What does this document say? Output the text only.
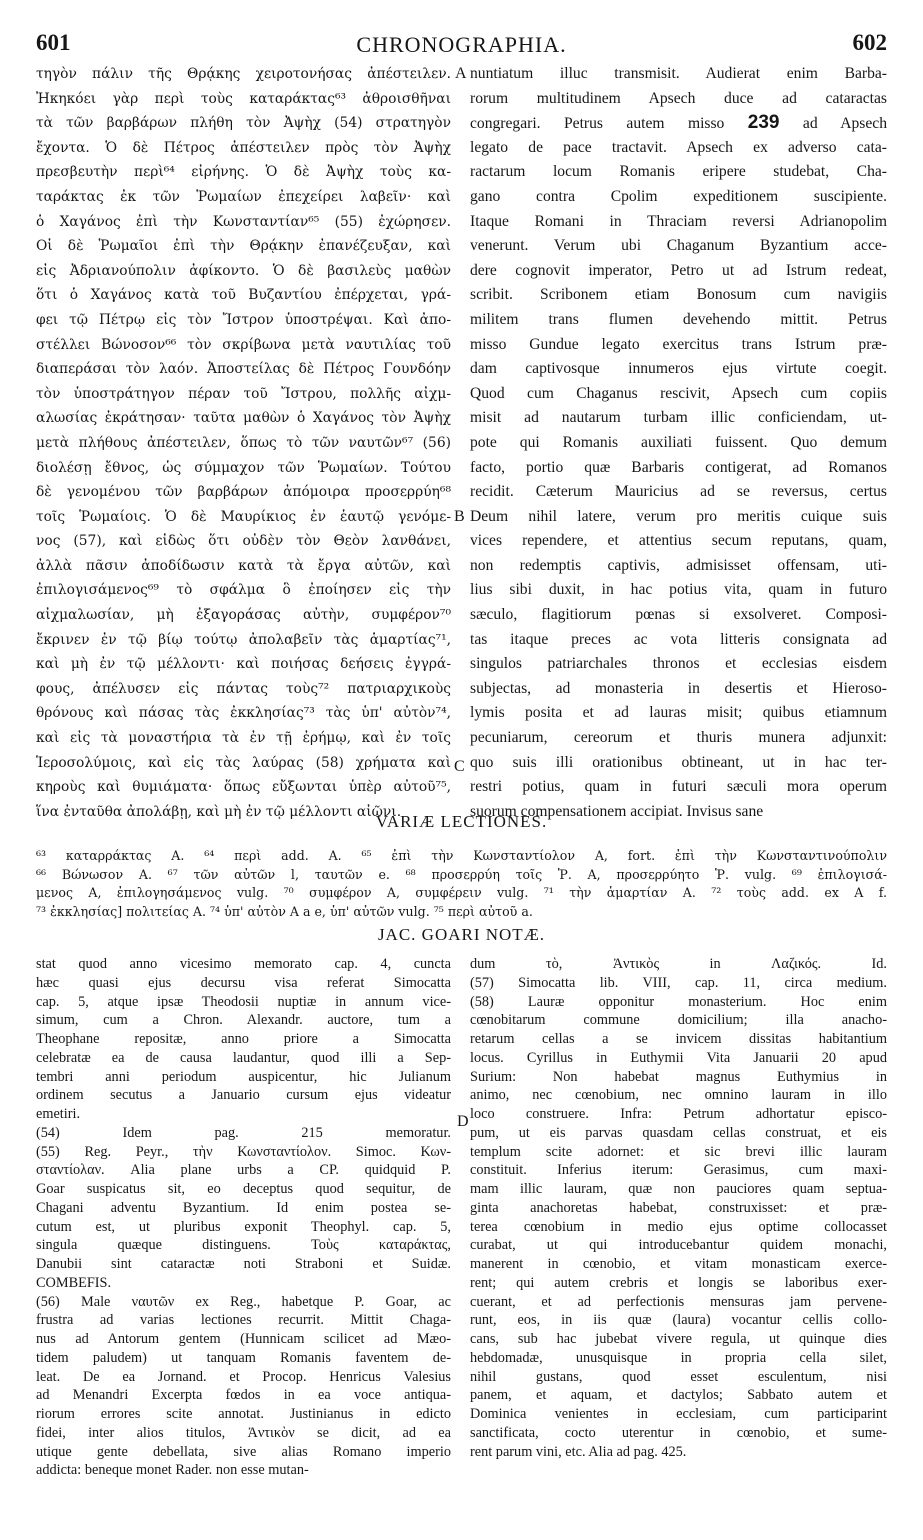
601	CHRONOGRAPHIA.	602
τηγὸν πάλιν τῆς Θρᾴκης χειροτονήσας ἀπέστειλεν.
Ἠκηκόει γὰρ περὶ τοὺς καταράκτας⁶³ ἀθροισθῆναι
τὰ τῶν βαρβάρων πλήθη τὸν Ἀψὴχ (54) στρατηγὸν
ἔχοντα. Ὁ δὲ Πέτρος ἀπέστειλεν πρὸς τὸν Ἀψὴχ
πρεσβευτὴν περὶ⁶⁴ εἰρήνης. Ὁ δὲ Ἀψὴχ τοὺς κα-
ταράκτας ἐκ τῶν Ῥωμαίων ἐπεχείρει λαβεῖν· καὶ
ὁ Χαγάνος ἐπὶ τὴν Κωνσταντίαν⁶⁵ (55) ἐχώρησεν.
Οἱ δὲ Ῥωμαῖοι ἐπὶ τὴν Θρᾴκην ἐπανέζευξαν, καὶ
εἰς Ἀδριανούπολιν ἀφίκοντο. Ὁ δὲ βασιλεὺς μαθὼν
ὅτι ὁ Χαγάνος κατὰ τοῦ Βυζαντίου ἐπέρχεται, γρά-
φει τῷ Πέτρῳ εἰς τὸν Ἴστρον ὑποστρέψαι. Καὶ ἀπο-
στέλλει Βώνοσον⁶⁶ τὸν σκρίβωνα μετὰ ναυτιλίας τοῦ
διαπεράσαι τὸν λαόν. Ἀποστείλας δὲ Πέτρος Γουνδόην
τὸν ὑποστράτηγον πέραν τοῦ Ἴστρου, πολλῆς αἰχμ-
αλωσίας ἐκράτησαν· ταῦτα μαθὼν ὁ Χαγάνος τὸν Ἀψὴχ
μετὰ πλήθους ἀπέστειλεν, ὅπως τὸ τῶν ναυτῶν⁶⁷ (56)
διολέσῃ ἔθνος, ὡς σύμμαχον τῶν Ῥωμαίων. Τούτου
δὲ γενομένου τῶν βαρβάρων ἀπόμοιρα προσερρύη⁶⁸
τοῖς Ῥωμαίοις. Ὁ δὲ Μαυρίκιος ἐν ἑαυτῷ γενόμε-
νος (57), καὶ εἰδὼς ὅτι οὐδὲν τὸν Θεὸν λανθάνει,
ἀλλὰ πᾶσιν ἀποδίδωσιν κατὰ τὰ ἔργα αὐτῶν, καὶ
ἐπιλογισάμενος⁶⁹ τὸ σφάλμα ὃ ἐποίησεν εἰς τὴν
αἰχμαλωσίαν, μὴ ἐξαγοράσας αὐτὴν, συμφέρον⁷⁰
ἔκρινεν ἐν τῷ βίῳ τούτῳ ἀπολαβεῖν τὰς ἁμαρτίας⁷¹,
καὶ μὴ ἐν τῷ μέλλοντι· καὶ ποιήσας δεήσεις ἐγγρά-
φους, ἀπέλυσεν εἰς πάντας τοὺς⁷² πατριαρχικοὺς
θρόνους καὶ πάσας τὰς ἐκκλησίας⁷³ τὰς ὑπ' αὐτὸν⁷⁴,
καὶ εἰς τὰ μοναστήρια τὰ ἐν τῇ ἐρήμῳ, καὶ ἐν τοῖς
Ἱεροσολύμοις, καὶ εἰς τὰς λαύρας (58) χρήματα καὶ
κηροὺς καὶ θυμιάματα· ὅπως εὔξωνται ὑπὲρ αὐτοῦ⁷⁵,
ἵνα ἐνταῦθα ἀπολάβῃ, καὶ μὴ ἐν τῷ μέλλοντι αἰῶνι.
nuntiatum illuc transmisit. Audierat enim Barba-
rorum multitudinem Apsech duce ad cataractas
congregari. Petrus autem misso 239 ad Apsech
legato de pace tractavit. Apsech ex adverso cata-
ractarum locum Romanis eripere studebat, Cha-
gano contra Cpolim expeditionem suscipiente.
Itaque Romani in Thraciam reversi Adrianopolim
venerunt. Verum ubi Chaganum Byzantium acce-
dere cognovit imperator, Petro ut ad Istrum redeat,
scribit. Scribonem etiam Bonosum cum navigiis
militem trans flumen devehendo mittit. Petrus
misso Gundue legato exercitus trans Istrum præ-
dam captivosque innumeros ejus virtute coegit.
Quod cum Chaganus rescivit, Apsech cum copiis
misit ad nautarum turbam illic conficiendam, ut-
pote qui Romanis auxiliati fuissent. Quo demum
facto, portio quæ Barbaris contigerat, ad Romanos
recidit. Cæterum Mauricius ad se reversus, certus
Deum nihil latere, verum pro meritis cuique suis
vices rependere, et attentius secum reputans, quam,
non redemptis captivis, admisisset offensam, uti-
lius sibi duxit, in hac potius vita, quam in futuro
sæculo, flagitiorum pœnas si exsolveret. Composi-
tas itaque preces ac vota litteris consignata ad
singulos patriarchales thronos et ecclesias eisdem
subjectas, ad monasteria in desertis et Hieroso-
lymis posita et ad lauras misit; quibus etiamnum
pecuniarum, cereorum et thuris munera adjunxit:
quo suis illi orationibus obtineant, ut in hac ter-
restri potius, quam in futuri sæculi mora operum
suorum compensationem accipiat. Invisus sane
A
B
C
D
VARIÆ LECTIONES.
⁶³ καταρράκτας A. ⁶⁴ περὶ add. A. ⁶⁵ ἐπὶ τὴν Κωνσταντίολον A, fort. ἐπὶ τὴν Κωνσταντινούπολιν
⁶⁶ Βώνωσον A. ⁶⁷ τῶν αὐτῶν l, ταυτῶν e. ⁶⁸ προσερρύη τοῖς Ῥ. A, προσερρύητο Ῥ. vulg. ⁶⁹ ἐπιλογισά-
μενος A, ἐπιλογησάμενος vulg. ⁷⁰ συμφέρον A, συμφέρειν vulg. ⁷¹ τὴν ἁμαρτίαν A. ⁷² τοὺς add. ex A f.
⁷³ ἐκκλησίας] πολιτείας A. ⁷⁴ ὑπ' αὐτὸν A a e, ὑπ' αὐτῶν vulg. ⁷⁵ περὶ αὐτοῦ a.
JAC. GOARI NOTÆ.
stat quod anno vicesimo memorato cap. 4, cuncta
hæc quasi ejus decursu visa referat Simocatta
cap. 5, atque ipsæ Theodosii nuptiæ in annum vice-
simum, cum a Chron. Alexandr. auctore, tum a
Theophane repositæ, anno priore a Simocatta
celebratæ ea de causa laudantur, quod illi a Sep-
tembri anni periodum auspicentur, hic Julianum
ordinem secutus a Januario cursum ejus videatur
emetiri.
(54) Idem pag. 215 memoratur.
(55) Reg. Peyr., τὴν Κωνσταντίολον. Simoc. Κων-
σταντίολαν. Alia plane urbs a CP. quidquid P.
Goar suspicatus sit, eo deceptus quod sequitur, de
Chagani adventu Byzantium. Id enim postea se-
cutum est, ut pluribus exponit Theophyl. cap. 5,
singula quæque distinguens. Τοὺς καταράκτας,
Danubii sint cataractæ noti Straboni et Suidæ.
COMBEFIS.
(56) Male ναυτῶν ex Reg., habetque P. Goar, ac
frustra ad varias lectiones recurrit. Mittit Chaga-
nus ad Antorum gentem (Hunnicam scilicet ad Mæo-
tidem paludem) ut tanquam Romanis faventem de-
leat. De ea Jornand. et Procop. Henricus Valesius
ad Menandri Excerpta fœdos in ea voce antiqua-
riorum errores scite annotat. Justinianus in edicto
fidei, inter alios titulos, Ἀντικὸν se dicit, ad ea
utique gente debellata, sive alias Romano imperio
addicta: beneque monet Rader. non esse mutan-
dum τὸ, Ἀντικὸς in Λαζικός. Id.
(57) Simocatta lib. VIII, cap. 11, circa medium.
(58) Lauræ opponitur monasterium. Hoc enim
cœnobitarum commune domicilium; illa anacho-
retarum cellas a se invicem dissitas habitantium
locus. Cyrillus in Euthymii Vita Januarii 20 apud
Surium: Non habebat magnus Euthymius in
animo, nec cœnobium, nec omnino lauram in illo
loco construere. Infra: Petrum adhortatur episco-
pum, ut eis parvas quasdam cellas construat, et eis
templum scite adornet: et sic brevi illic lauram
constituit. Inferius iterum: Gerasimus, cum maxi-
mam illic lauram, quæ non pauciores quam septua-
ginta anachoretas habebat, construxisset: et præ-
terea cœnobium in medio ejus optime collocasset
curabat, ut qui introducebantur quidem monachi,
manerent in cœnobio, et vitam monasticam exerce-
rent; qui autem crebris et longis se laboribus exer-
cuerant, et ad perfectionis mensuras jam pervene-
runt, eos, in iis quæ (laura) vocantur cellis collo-
cans, sub hac jubebat vivere regula, ut quinque dies
hebdomadæ, unusquisque in propria cella silet,
nihil gustans, quod esset esculentum, nisi
panem, et aquam, et dactylos; Sabbato autem et
Dominica venientes in ecclesiam, cum participarint
sanctificata, cocto uterentur in cœnobio, et sume-
rent parum vini, etc. Alia ad pag. 425.
